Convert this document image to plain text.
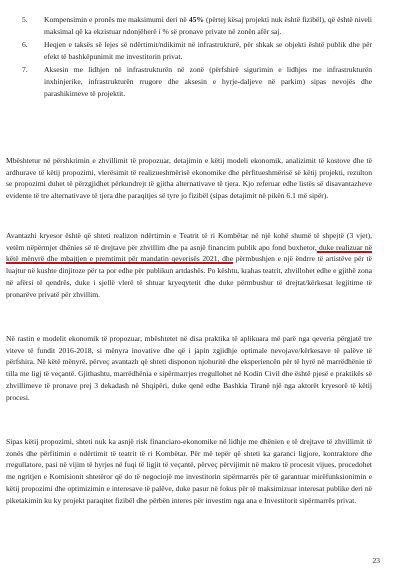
5.	Kompensimin e pronës me maksimumi deri në 45% (përtej kësaj projekti nuk është fizibël), që është niveli maksimal që ka ekzistuar ndonjëherë i % së pronave private në zonën afër saj.

6.	Heqjen e taksës së lejes së ndërtimit/ndikimit në infrastrukturë, për shkak se objekti është publik dhe për efekt të bashkëpunimit me investitorin privat.

7.	Aksesin me lidhjen në infrastrukturën në zonë (përfshirë sigurimin e lidhjes me infrastrukturën inxhinjerike, infrastrukturën rrugore dhe aksesin e hyrje-daljeve në parkim) sipas nevojës dhe parashikimeve të projektit.

Mbështetur në përshkrimin e zhvillimit të propozuar, detajimin e këtij modeli ekonomik, analizimit të kostove dhe të ardhurave të këtij propozimi, vlerësimit të realizueshmërisë ekonomike dhe përfitueshmërisë së këtij projekti, rezulton se propozimi duhet të përzgjidhet përkundrejt të gjitha alternativave të tjera. Kjo referuar edhe listës së disavantazheve evidente të tre alternativave të tjera dhe paraqitjes së tyre jo fizibël (sipas detajimit në pikën 6.1 më sipër).

Avantazhi kryesor është që shteti realizon ndërtimin e Teatrit të ri Kombëtar në një kohë shumë të shpejtë (3 vjet), vetëm nëpërmjet dhënies së të drejtave për zhvillim dhe pa asnjë financim publik apo fond buxhetor, duke realizuar në këtë mënyrë dhe mbajtjen e premtimit për mandatin qeverisës 2021, dhe përmbushjen e një ëndrre të artistëve për të luajtur në kushte dinjitoze për ta por edhe për publikun artdashës. Po kështu, krahas teatrit, zhvillohet edhe e gjithë zona në afërsi të qendrës, duke i sjellë vlerë të shtuar kryeqytetit dhe duke përmbushur të drejtat/kërkesat legjitime të pronarëve privatë për zhvillim.

Në rastin e modelit ekonomik të propozuar, mbështetet në disa praktika të aplikuara më parë nga qeveria përgjatë tre viteve të fundit 2016-2018, si mënyra inovative dhe që i japin zgjidhje optimale nevojave/kërkesave të palëve të përfshira. Në këtë mënyrë, përveç avantazh që shteti disponon njohuritë dhe eksperiencën për të hyrë në marrëdhënie të tilla me ligj të veçantë. Gjithashtu, marrëdhënia e sipërmarrjes rregullohet në Kodin Civil dhe është pjesë e praktikës së zhvillimeve të pronave prej 3 dekadash në Shqipëri, duke qenë edhe Bashkia Tiranë një nga aktorët kryesorë të këtij procesi.

Sipas këtij propozimi, shteti nuk ka asnjë risk financiaro-ekonomike në lidhje me dhënien e të drejtave të zhvillimit të zonës dhe përfitimin e ndërtimit të teatrit të ri Kombëtar. Për më tepër që shteti ka garanci ligjore, kontraktore dhe rregullatore, pasi në vijim të hyrjes në fuqi të ligjit të veçantë, përveç përvijimit në makro të procesit vijues, procedohet me ngritjen e Komisionit shtetëror që do të negociojë me investitorin sipërmarrës për të garantuar mirëfunksionimin e këtij propozimi dhe optimizimin e interesave të palëve, duke pasur në fokus për të maksimizuar interesat publike deri në piketakimin ku ky projekt paraqitet fizibël dhe përbën interes për investim nga ana e Investitorit sipërmarrës privat.

23
